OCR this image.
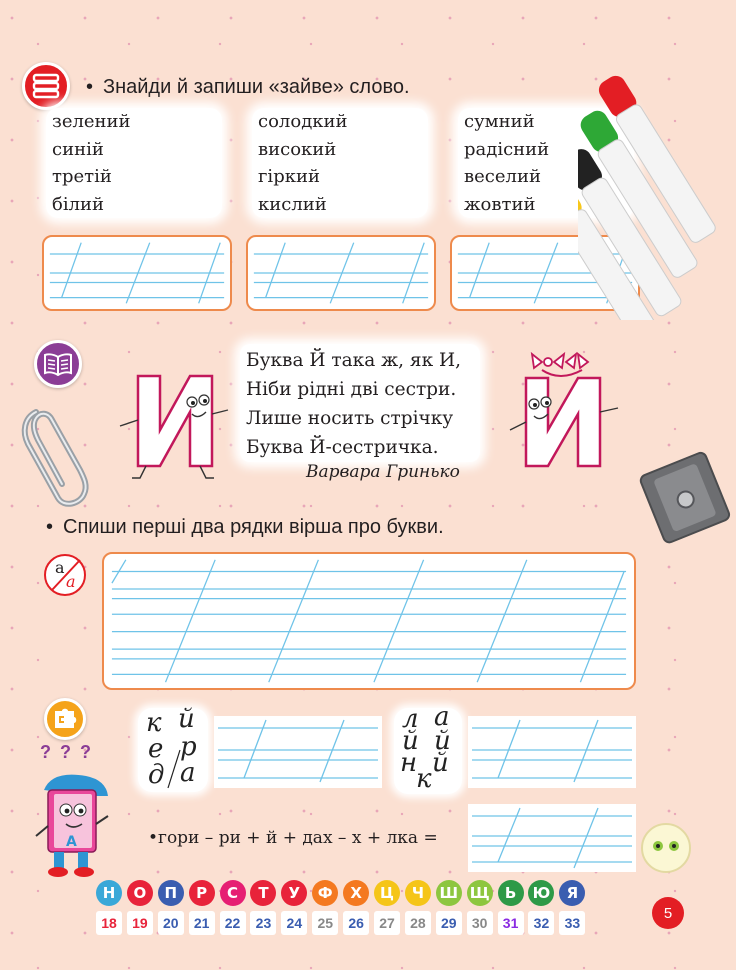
• Знайди й запиши «зайве» слово.
зелений
синій
третій
білий
солодкий
високий
гіркий
кислий
сумний
радісний
веселий
жовтий
Буква Й така ж, як И,
Ніби рідні дві сестри.
Лише носить стрічку
Буква Й-сестричка.
Варвара Гринько
• Спиши перші два рядки вірша про букви.
а
а
? ? ?
A
к й
е р
д а
л а
й й
н й
к
•гори – ри + й + дах – х + лка =
Н
18
О
19
П
20
Р
21
С
22
Т
23
У
24
Ф
25
Х
26
Ц
27
Ч
28
Ш
29
Щ
30
Ь
31
Ю
32
Я
33
5
